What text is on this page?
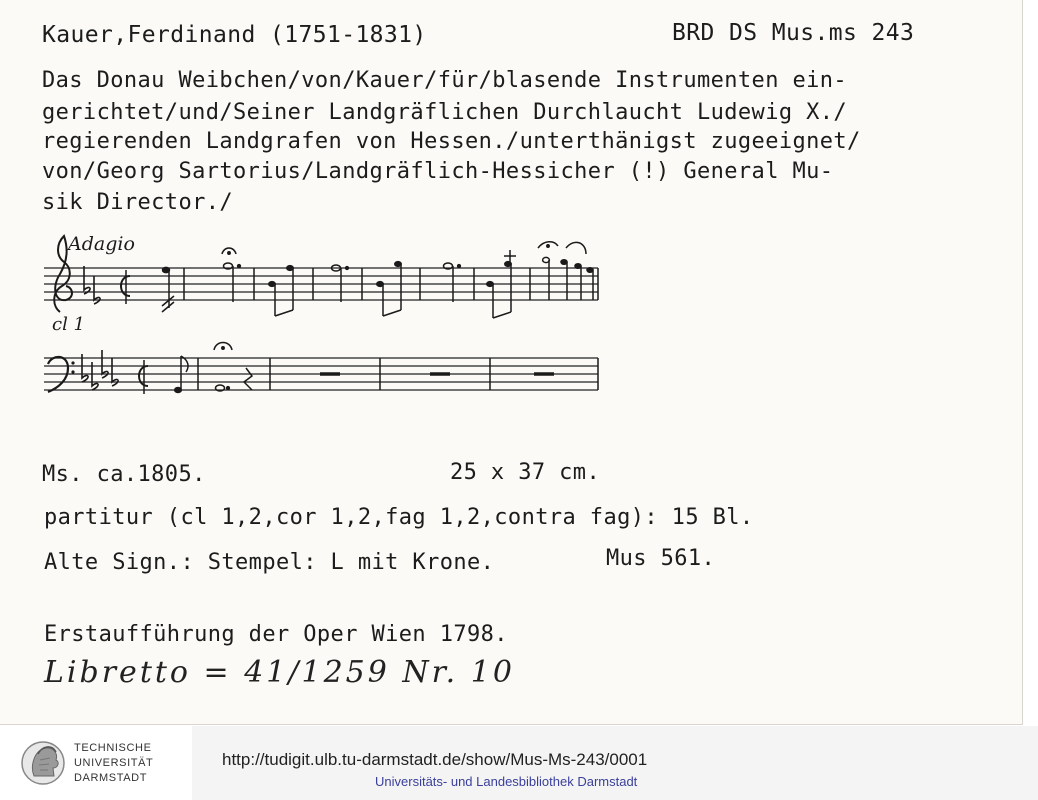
Kauer,Ferdinand (1751-1831)	BRD DS Mus.ms 243

Das Donau Weibchen/von/Kauer/für/blasende Instrumenten ein-

gerichtet/und/Seiner Landgräflichen Durchlaucht Ludewig X./

regierenden Landgrafen von Hessen./unterthänigst zugeeignet/

von/Georg Sartorius/Landgräflich-Hessicher (!) General Mu-

sik Director./

Adagio
cl 1

Ms. ca.1805.	25 x 37 cm.

partitur (cl 1,2,cor 1,2,fag 1,2,contra fag): 15 Bl.

Alte Sign.: Stempel: L mit Krone.	Mus 561.

Erstaufführung der Oper Wien 1798.

Libretto = 41/1259 Nr. 10

TECHNISCHE

UNIVERSITÄT

DARMSTADT

http://tudigit.ulb.tu-darmstadt.de/show/Mus-Ms-243/0001

Universitäts- und Landesbibliothek Darmstadt
